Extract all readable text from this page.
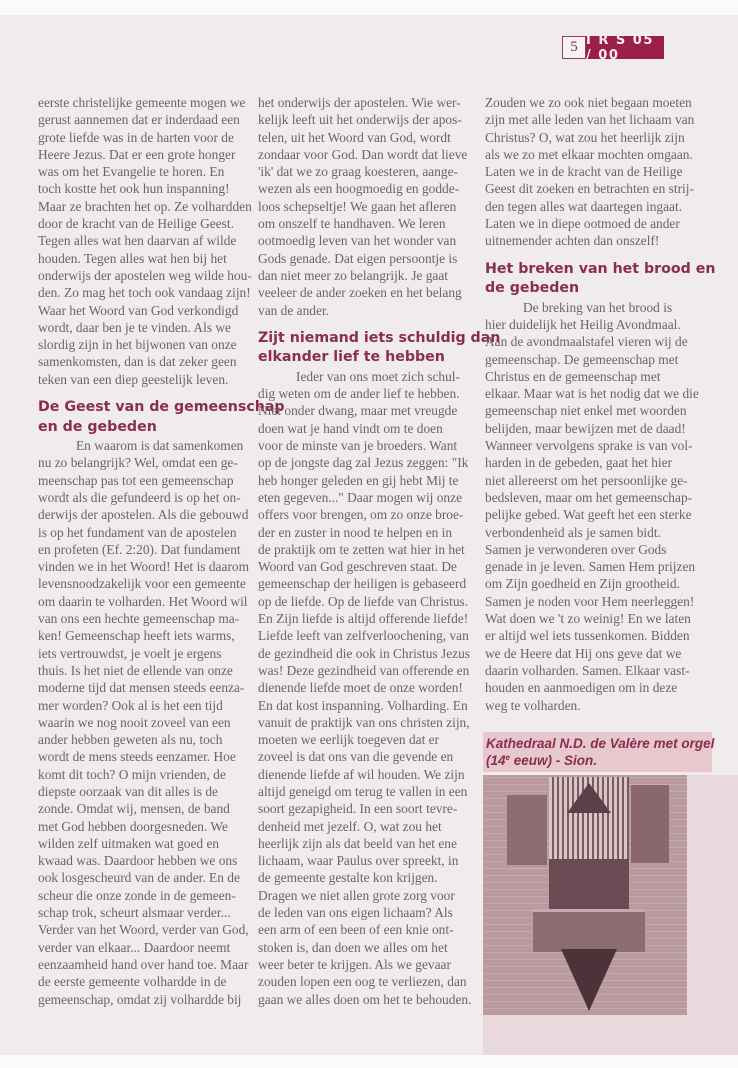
5 I R S 05 / 00
eerste christelijke gemeente mogen we
gerust aannemen dat er inderdaad een
grote liefde was in de harten voor de
Heere Jezus. Dat er een grote honger
was om het Evangelie te horen. En
toch kostte het ook hun inspanning!
Maar ze brachten het op. Ze volhardden
door de kracht van de Heilige Geest.
Tegen alles wat hen daarvan af wilde
houden. Tegen alles wat hen bij het
onderwijs der apostelen weg wilde hou-
den. Zo mag het toch ook vandaag zijn!
Waar het Woord van God verkondigd
wordt, daar ben je te vinden. Als we
slordig zijn in het bijwonen van onze
samenkomsten, dan is dat zeker geen
teken van een diep geestelijk leven.
De Geest van de gemeenschap
en de gebeden
En waarom is dat samenkomen
nu zo belangrijk? Wel, omdat een ge-
meenschap pas tot een gemeenschap
wordt als die gefundeerd is op het on-
derwijs der apostelen. Als die gebouwd
is op het fundament van de apostelen
en profeten (Ef. 2:20). Dat fundament
vinden we in het Woord! Het is daarom
levensnoodzakelijk voor een gemeente
om daarin te volharden. Het Woord wil
van ons een hechte gemeenschap ma-
ken! Gemeenschap heeft iets warms,
iets vertrouwdst, je voelt je ergens
thuis. Is het niet de ellende van onze
moderne tijd dat mensen steeds eenza-
mer worden? Ook al is het een tijd
waarin we nog nooit zoveel van een
ander hebben geweten als nu, toch
wordt de mens steeds eenzamer. Hoe
komt dit toch? O mijn vrienden, de
diepste oorzaak van dit alles is de
zonde. Omdat wij, mensen, de band
met God hebben doorgesneden. We
wilden zelf uitmaken wat goed en
kwaad was. Daardoor hebben we ons
ook losgescheurd van de ander. En de
scheur die onze zonde in de gemeen-
schap trok, scheurt alsmaar verder...
Verder van het Woord, verder van God,
verder van elkaar... Daardoor neemt
eenzaamheid hand over hand toe. Maar
de eerste gemeente volhardde in de
gemeenschap, omdat zij volhardde bij
het onderwijs der apostelen. Wie wer-
kelijk leeft uit het onderwijs der apos-
telen, uit het Woord van God, wordt
zondaar voor God. Dan wordt dat lieve
'ik' dat we zo graag koesteren, aange-
wezen als een hoogmoedig en godde-
loos schepseltje! We gaan het afleren
om onszelf te handhaven. We leren
ootmoedig leven van het wonder van
Gods genade. Dat eigen persoontje is
dan niet meer zo belangrijk. Je gaat
veeleer de ander zoeken en het belang
van de ander.
Zijt niemand iets schuldig dan
elkander lief te hebben
Ieder van ons moet zich schul-
dig weten om de ander lief te hebben.
Niet onder dwang, maar met vreugde
doen wat je hand vindt om te doen
voor de minste van je broeders. Want
op de jongste dag zal Jezus zeggen: "Ik
heb honger geleden en gij hebt Mij te
eten gegeven..." Daar mogen wij onze
offers voor brengen, om zo onze broe-
der en zuster in nood te helpen en in
de praktijk om te zetten wat hier in het
Woord van God geschreven staat. De
gemeenschap der heiligen is gebaseerd
op de liefde. Op de liefde van Christus.
En Zijn liefde is altijd offerende liefde!
Liefde leeft van zelfverloochening, van
de gezindheid die ook in Christus Jezus
was! Deze gezindheid van offerende en
dienende liefde moet de onze worden!
En dat kost inspanning. Volharding. En
vanuit de praktijk van ons christen zijn,
moeten we eerlijk toegeven dat er
zoveel is dat ons van die gevende en
dienende liefde af wil houden. We zijn
altijd geneigd om terug te vallen in een
soort gezapigheid. In een soort tevre-
denheid met jezelf. O, wat zou het
heerlijk zijn als dat beeld van het ene
lichaam, waar Paulus over spreekt, in
de gemeente gestalte kon krijgen.
Dragen we niet allen grote zorg voor
de leden van ons eigen lichaam? Als
een arm of een been of een knie ont-
stoken is, dan doen we alles om het
weer beter te krijgen. Als we gevaar
zouden lopen een oog te verliezen, dan
gaan we alles doen om het te behouden.
Zouden we zo ook niet begaan moeten
zijn met alle leden van het lichaam van
Christus? O, wat zou het heerlijk zijn
als we zo met elkaar mochten omgaan.
Laten we in de kracht van de Heilige
Geest dit zoeken en betrachten en strij-
den tegen alles wat daartegen ingaat.
Laten we in diepe ootmoed de ander
uitnemender achten dan onszelf!
Het breken van het brood en
de gebeden
De breking van het brood is
hier duidelijk het Heilig Avondmaal.
Aan de avondmaalstafel vieren wij de
gemeenschap. De gemeenschap met
Christus en de gemeenschap met
elkaar. Maar wat is het nodig dat we die
gemeenschap niet enkel met woorden
belijden, maar bewijzen met de daad!
Wanneer vervolgens sprake is van vol-
harden in de gebeden, gaat het hier
niet allereerst om het persoonlijke ge-
bedsleven, maar om het gemeenschap-
pelijke gebed. Wat geeft het een sterke
verbondenheid als je samen bidt.
Samen je verwonderen over Gods
genade in je leven. Samen Hem prijzen
om Zijn goedheid en Zijn grootheid.
Samen je noden voor Hem neerleggen!
Wat doen we 't zo weinig! En we laten
er altijd wel iets tussenkomen. Bidden
we de Heere dat Hij ons geve dat we
daarin volharden. Samen. Elkaar vast-
houden en aanmoedigen om in deze
weg te volharden.
Kathedraal N.D. de Valère met orgel
(14e eeuw) - Sion.
